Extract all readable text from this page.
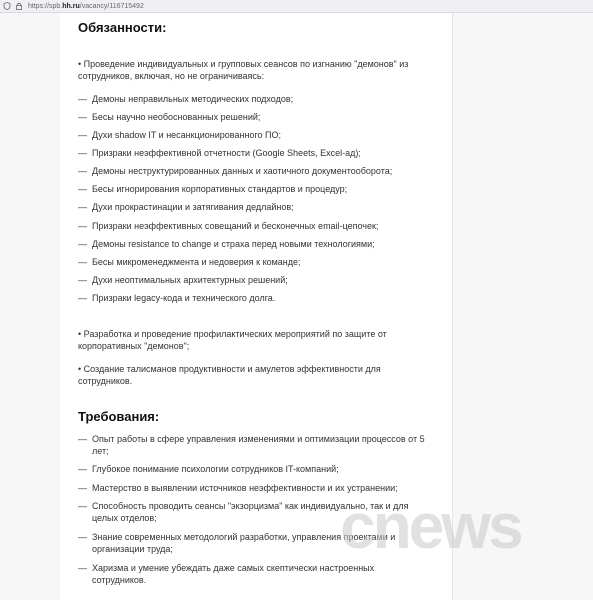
https://spb.hh.ru/vacancy/116715492
Обязанности:

• Проведение индивидуальных и групповых сеансов по изгнанию "демонов" из сотрудников, включая, но не ограничиваясь:

— Демоны неправильных методических подходов;
— Бесы научно необоснованных решений;
— Духи shadow IT и несанкционированного ПО;
— Призраки неэффективной отчетности (Google Sheets, Excel-ад);
— Демоны неструктурированных данных и хаотичного документооборота;
— Бесы игнорирования корпоративных стандартов и процедур;
— Духи прокрастинации и затягивания дедлайнов;
— Призраки неэффективных совещаний и бесконечных email-цепочек;
— Демоны resistance to change и страха перед новыми технологиями;
— Бесы микроменеджмента и недоверия к команде;
— Духи неоптимальных архитектурных решений;
— Призраки legacy-кода и технического долга.

• Разработка и проведение профилактических мероприятий по защите от корпоративных "демонов";

• Создание талисманов продуктивности и амулетов эффективности для сотрудников.

Требования:
— Опыт работы в сфере управления изменениями и оптимизации процессов от 5 лет;
— Глубокое понимание психологии сотрудников IT-компаний;
— Мастерство в выявлении источников неэффективности и их устранении;
— Способность проводить сеансы "экзорцизма" как индивидуально, так и для целых отделов;
— Знание современных методологий разработки, управления проектами и организации труда;
— Харизма и умение убеждать даже самых скептически настроенных сотрудников.
cnews
